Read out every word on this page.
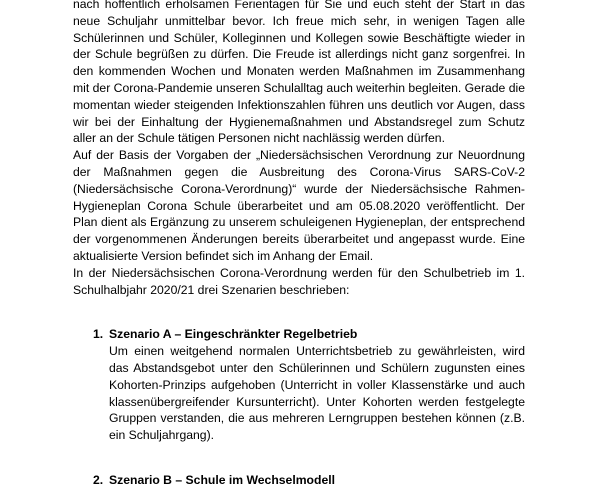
nach hoffentlich erholsamen Ferientagen für Sie und euch steht der Start in das neue Schuljahr unmittelbar bevor. Ich freue mich sehr, in wenigen Tagen alle Schülerinnen und Schüler, Kolleginnen und Kollegen sowie Beschäftigte wieder in der Schule begrüßen zu dürfen. Die Freude ist allerdings nicht ganz sorgenfrei. In den kommenden Wochen und Monaten werden Maßnahmen im Zusammenhang mit der Corona-Pandemie unseren Schulalltag auch weiterhin begleiten. Gerade die momentan wieder steigenden Infektionszahlen führen uns deutlich vor Augen, dass wir bei der Einhaltung der Hygienemaßnahmen und Abstandsregel zum Schutz aller an der Schule tätigen Personen nicht nachlässig werden dürfen.

Auf der Basis der Vorgaben der „Niedersächsischen Verordnung zur Neuordnung der Maßnahmen gegen die Ausbreitung des Corona-Virus SARS-CoV-2 (Niedersächsische Corona-Verordnung)“ wurde der Niedersächsische Rahmen-Hygieneplan Corona Schule überarbeitet und am 05.08.2020 veröffentlicht. Der Plan dient als Ergänzung zu unserem schuleigenen Hygieneplan, der entsprechend der vorgenommenen Änderungen bereits überarbeitet und angepasst wurde. Eine aktualisierte Version befindet sich im Anhang der Email.

In der Niedersächsischen Corona-Verordnung werden für den Schulbetrieb im 1. Schulhalbjahr 2020/21 drei Szenarien beschrieben:

1. Szenario A – Eingeschränkter Regelbetrieb

Um einen weitgehend normalen Unterrichtsbetrieb zu gewährleisten, wird das Abstandsgebot unter den Schülerinnen und Schülern zugunsten eines Kohorten-Prinzips aufgehoben (Unterricht in voller Klassenstärke und auch klassenübergreifender Kursunterricht). Unter Kohorten werden festgelegte Gruppen verstanden, die aus mehreren Lerngruppen bestehen können (z.B. ein Schuljahrgang).

2. Szenario B – Schule im Wechselmodell
